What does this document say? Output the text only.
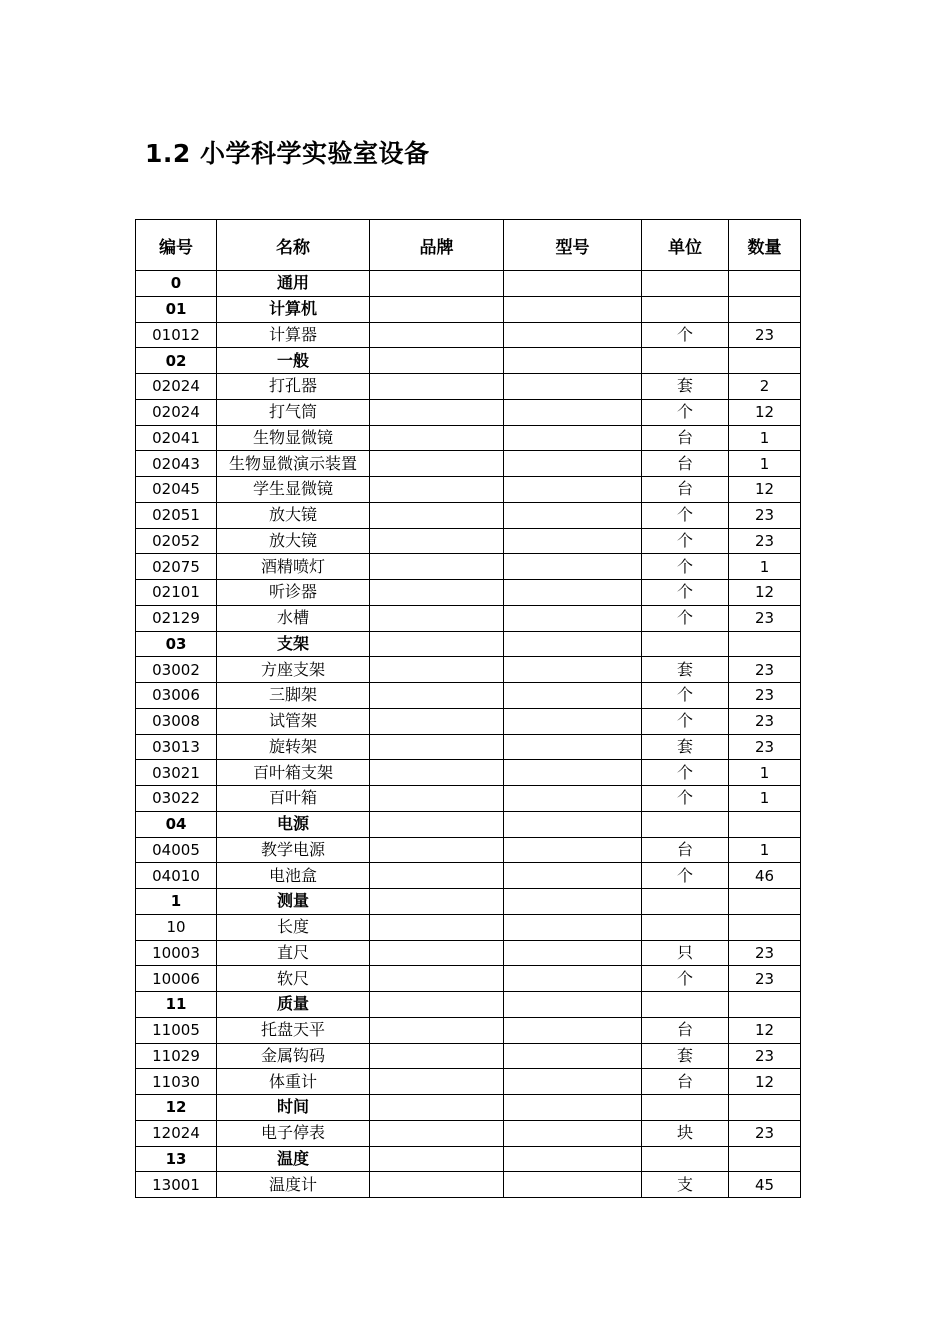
1.2 小学科学实验室设备
编号	名称	品牌	型号	单位	数量
0	通用				
01	计算机				
01012	计算器			个	23
02	一般				
02024	打孔器			套	2
02024	打气筒			个	12
02041	生物显微镜			台	1
02043	生物显微演示装置			台	1
02045	学生显微镜			台	12
02051	放大镜			个	23
02052	放大镜			个	23
02075	酒精喷灯			个	1
02101	听诊器			个	12
02129	水槽			个	23
03	支架				
03002	方座支架			套	23
03006	三脚架			个	23
03008	试管架			个	23
03013	旋转架			套	23
03021	百叶箱支架			个	1
03022	百叶箱			个	1
04	电源				
04005	教学电源			台	1
04010	电池盒			个	46
1	测量				
10	长度				
10003	直尺			只	23
10006	软尺			个	23
11	质量				
11005	托盘天平			台	12
11029	金属钩码			套	23
11030	体重计			台	12
12	时间				
12024	电子停表			块	23
13	温度				
13001	温度计			支	45
